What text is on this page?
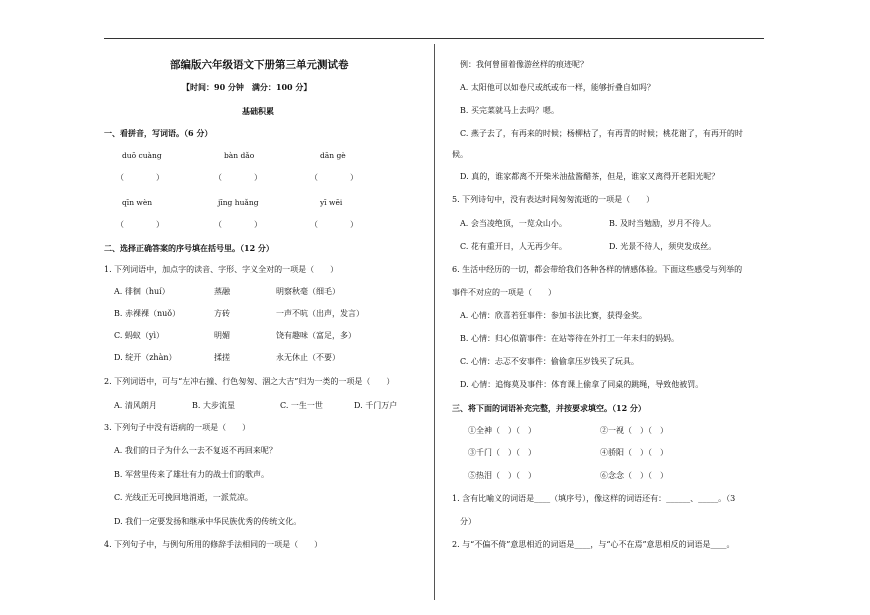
部编版六年级语文下册第三单元测试卷
【时间：90 分钟　满分：100 分】
基础积累
一、看拼音，写词语。（6 分）
duō cuàng	bàn dǎo	dān gè
（　　　　）	（　　　　）	（　　　　）
qīn wèn	jīng huǎng	yī wēi
（　　　　）	（　　　　）	（　　　　）
二、选择正确答案的序号填在括号里。（12 分）
1. 下列词语中，加点字的读音、字形、字义全对的一项是（　　）
A. 徘徊（huí）	蒸融	明察秋毫（细毛）
B. 赤裸裸（nuǒ）	方砖	一声不吭（出声，发言）
C. 蚂蚁（yì）	明媚	饶有趣味（富足，多）
D. 绽开（zhàn）	揉搓	永无休止（不要）
2. 下列词语中，可与“左冲右撞、行色匆匆、涸之大吉”归为一类的一项是（　　）
A. 清风朗月	B. 大步流星	C. 一生一世	D. 千门万户
3. 下列句子中没有语病的一项是（　　）
A. 我们的日子为什么一去不复返不再回来呢？
B. 军营里传来了雄壮有力的战士们的歌声。
C. 光线正无可挽回地消逝，一派荒凉。
D. 我们一定要发扬和继承中华民族优秀的传统文化。
4. 下列句子中，与例句所用的修辞手法相同的一项是（　　）
例：我何曾留着像游丝样的痕迹呢？
A. 太阳他可以如卷尺或纸或布一样，能够折叠自如吗？
B. 买完菜就马上去吗？嗯。
C. 燕子去了，有再来的时候；杨柳枯了，有再青的时候；桃花谢了，有再开的时
候。
D. 真的，谁家都离不开柴米油盐酱醋茶，但是，谁家又离得开老阳光呢？
5. 下列诗句中，没有表达时间匆匆流逝的一项是（　　）
A. 会当凌绝顶，一览众山小。	B. 及时当勉励，岁月不待人。
C. 花有重开日，人无再少年。	D. 光景不待人，须臾发成丝。
6. 生活中经历的一切，都会带给我们各种各样的情感体验。下面这些感受与列举的
事件不对应的一项是（　　）
A. 心情：欣喜若狂事件：参加书法比赛，获得金奖。
B. 心情：归心似箭事件：在站等待在外打工一年未归的妈妈。
C. 心情：忐忑不安事件：偷偷拿压岁钱买了玩具。
D. 心情：追悔莫及事件：体育课上偷拿了同桌的跳绳，导致他被罚。
三、将下面的词语补充完整，并按要求填空。（12 分）
①全神（　）（　）	②一视（　）（　）
③千门（　）（　）	④骄阳（　）（　）
⑤热泪（　）（　）	⑥念念（　）（　）
1. 含有比喻义的词语是____（填序号），像这样的词语还有：______、_____。（3
分）
2. 与“不偏不倚”意思相近的词语是____，与“心不在焉”意思相反的词语是____。
